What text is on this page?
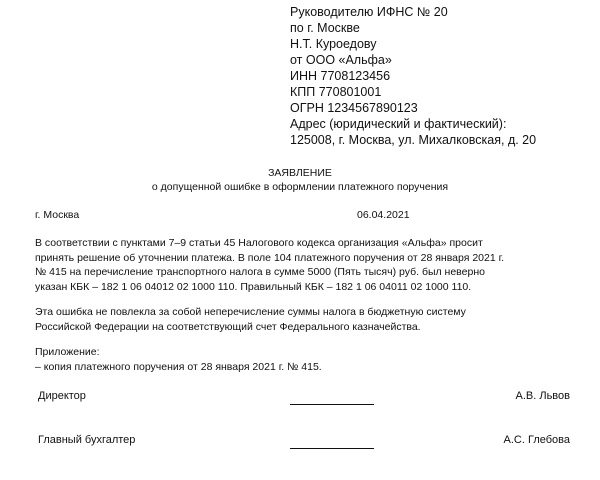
Руководителю ИФНС № 20
по г. Москве
Н.Т. Куроедову
от ООО «Альфа»
ИНН 7708123456
КПП 770801001
ОГРН 1234567890123
Адрес (юридический и фактический):
125008, г. Москва, ул. Михалковская, д. 20
ЗАЯВЛЕНИЕ
о допущенной ошибке в оформлении платежного поручения
г. Москва	06.04.2021
В соответствии с пунктами 7–9 статьи 45 Налогового кодекса организация «Альфа» просит
принять решение об уточнении платежа. В поле 104 платежного поручения от 28 января 2021 г.
№ 415 на перечисление транспортного налога в сумме 5000 (Пять тысяч) руб. был неверно
указан КБК – 182 1 06 04012 02 1000 110. Правильный КБК – 182 1 06 04011 02 1000 110.
Эта ошибка не повлекла за собой неперечисление суммы налога в бюджетную систему
Российской Федерации на соответствующий счет Федерального казначейства.
Приложение:
– копия платежного поручения от 28 января 2021 г. № 415.
Директор	А.В. Львов
Главный бухгалтер	А.С. Глебова
